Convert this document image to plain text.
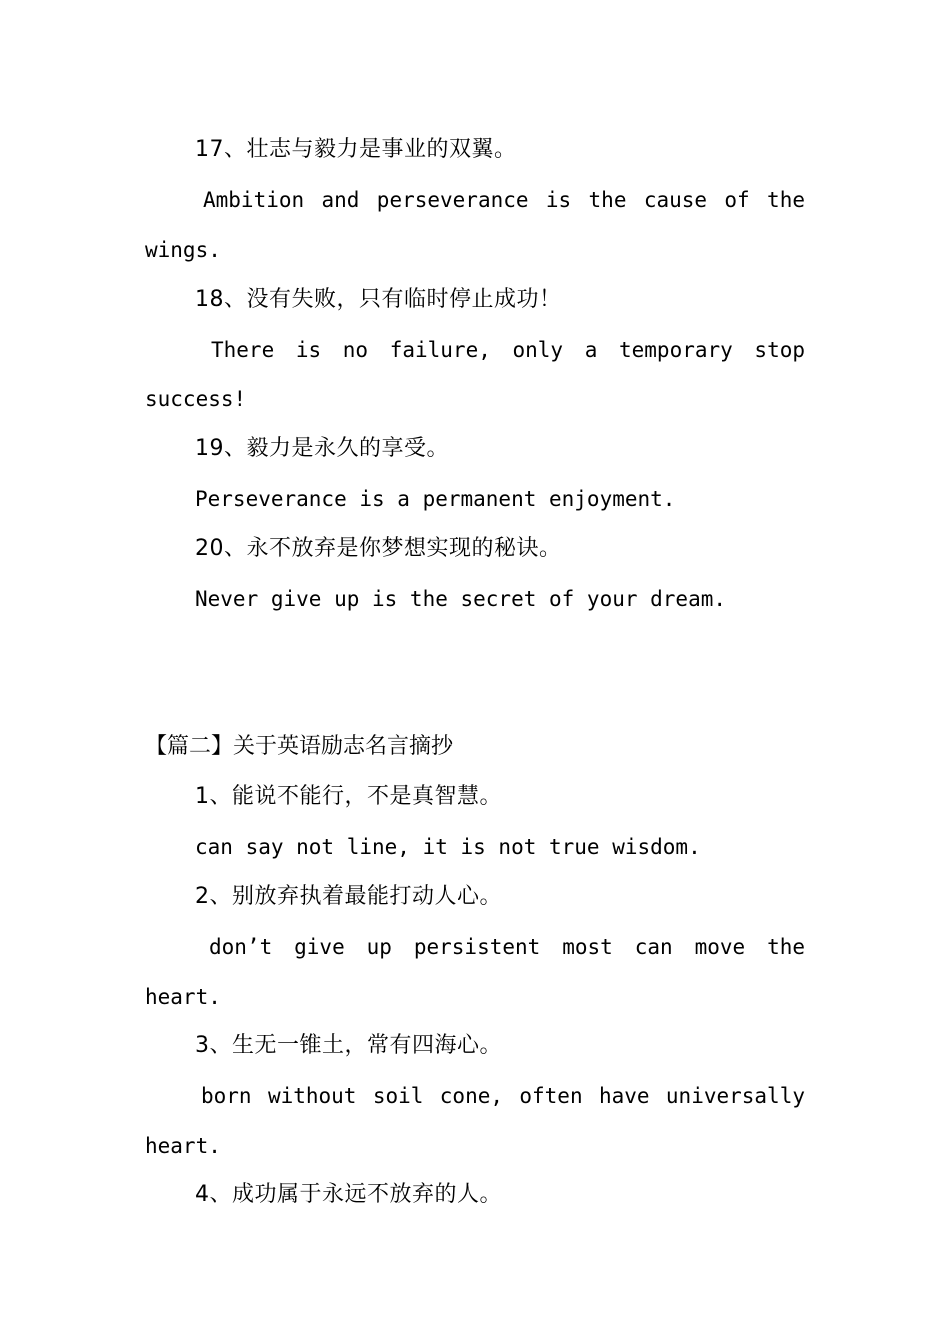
17、壮志与毅力是事业的双翼。
Ambition and perseverance is the cause of the
wings.
18、没有失败，只有临时停止成功！
There is no failure, only a temporary stop
success!
19、毅力是永久的享受。
Perseverance is a permanent enjoyment.
20、永不放弃是你梦想实现的秘诀。
Never give up is the secret of your dream.
【篇二】关于英语励志名言摘抄
1、能说不能行，不是真智慧。
can say not line, it is not true wisdom.
2、别放弃执着最能打动人心。
don’t give up persistent most can move the
heart.
3、生无一锥土，常有四海心。
born without soil cone, often have universally
heart.
4、成功属于永远不放弃的人。
